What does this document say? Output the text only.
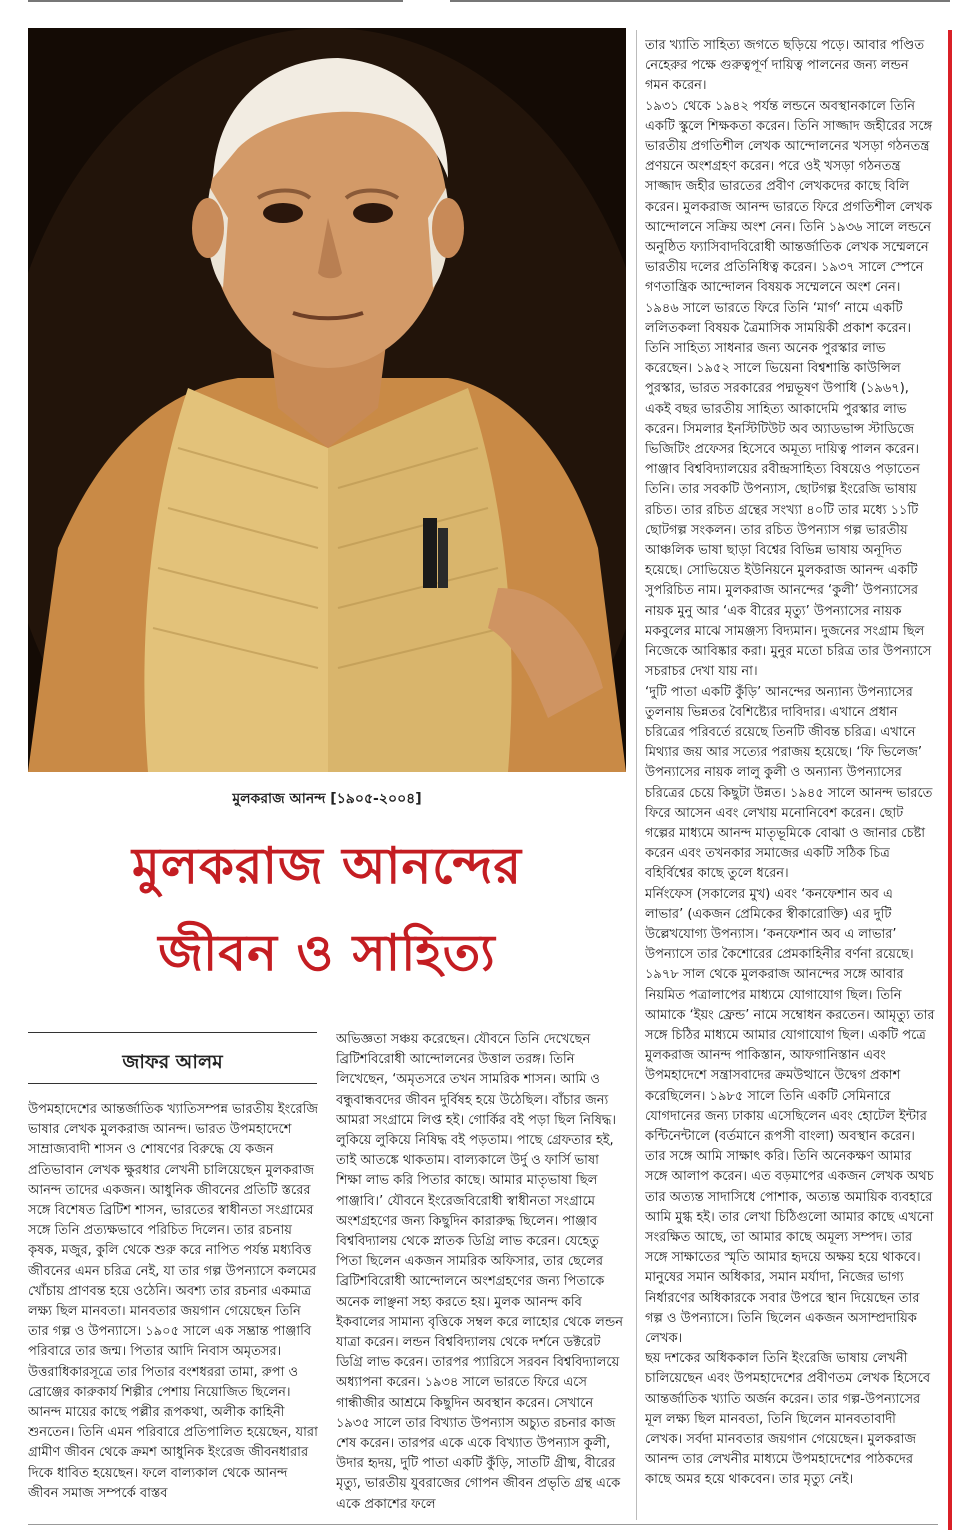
মুলকরাজ আনন্দ [১৯০৫-২০০৪]
মুলকরাজ আনন্দের
জীবন ও সাহিত্য
জাফর আলম

উপমহাদেশের আন্তর্জাতিক খ্যাতিসম্পন্ন ভারতীয় ইংরেজি ভাষার লেখক মুলকরাজ আনন্দ। ভারত উপমহাদেশে সাম্রাজ্যবাদী শাসন ও শোষণের বিরুদ্ধে যে কজন প্রতিভাবান লেখক ক্ষুরধার লেখনী চালিয়েছেন মুলকরাজ আনন্দ তাদের একজন। আধুনিক জীবনের প্রতিটি স্তরের সঙ্গে বিশেষত ব্রিটিশ শাসন, ভারতের স্বাধীনতা সংগ্রামের সঙ্গে তিনি প্রত্যক্ষভাবে পরিচিত দিলেন। তার রচনায় কৃষক, মজুর, কুলি থেকে শুরু করে নাপিত পর্যন্ত মধ্যবিত্ত জীবনের এমন চরিত্র নেই, যা তার গল্প উপন্যাসে কলমের খোঁচায় প্রাণবন্ত হয়ে ওঠেনি। অবশ্য তার রচনার একমাত্র লক্ষ্য ছিল মানবতা। মানবতার জয়গান গেয়েছেন তিনি তার গল্প ও উপন্যাসে। ১৯০৫ সালে এক সম্ভ্রান্ত পাঞ্জাবি পরিবারে তার জন্ম। পিতার আদি নিবাস অমৃতসর। উত্তরাধিকারসূত্রে তার পিতার বংশধররা তামা, রুপা ও ব্রোঞ্জের কারুকার্য শিল্পীর পেশায় নিয়োজিত ছিলেন। আনন্দ মায়ের কাছে পল্লীর রূপকথা, অলীক কাহিনী শুনতেন। তিনি এমন পরিবারে প্রতিপালিত হয়েছেন, যারা গ্রামীণ জীবন থেকে ক্রমশ আধুনিক ইংরেজ জীবনধারার দিকে ধাবিত হয়েছেন। ফলে বাল্যকাল থেকে আনন্দ জীবন সমাজ সম্পর্কে বাস্তব

অভিজ্ঞতা সঞ্চয় করেছেন। যৌবনে তিনি দেখেছেন ব্রিটিশবিরোধী আন্দোলনের উত্তাল তরঙ্গ। তিনি লিখেছেন, ‘অমৃতসরে তখন সামরিক শাসন। আমি ও বন্ধুবান্ধবদের জীবন দুর্বিষহ হয়ে উঠেছিল। বাঁচার জন্য আমরা সংগ্রামে লিপ্ত হই। গোর্কির বই পড়া ছিল নিষিদ্ধ। লুকিয়ে লুকিয়ে নিষিদ্ধ বই পড়তাম। পাছে গ্রেফতার হই, তাই আতঙ্কে থাকতাম। বাল্যকালে উর্দু ও ফার্সি ভাষা শিক্ষা লাভ করি পিতার কাছে। আমার মাতৃভাষা ছিল পাঞ্জাবি।’ যৌবনে ইংরেজবিরোধী স্বাধীনতা সংগ্রামে অংশগ্রহণের জন্য কিছুদিন কারারুদ্ধ ছিলেন। পাঞ্জাব বিশ্ববিদ্যালয় থেকে স্নাতক ডিগ্রি লাভ করেন। যেহেতু পিতা ছিলেন একজন সামরিক অফিসার, তার ছেলের ব্রিটিশবিরোধী আন্দোলনে অংশগ্রহণের জন্য পিতাকে অনেক লাঞ্ছনা সহ্য করতে হয়। মুলক আনন্দ কবি ইকবালের সামান্য বৃত্তিকে সম্বল করে লাহোর থেকে লন্ডন যাত্রা করেন। লন্ডন বিশ্ববিদ্যালয় থেকে দর্শনে ডক্টরেট ডিগ্রি লাভ করেন। তারপর প্যারিসে সরবন বিশ্ববিদ্যালয়ে অধ্যাপনা করেন। ১৯৩৪ সালে ভারতে ফিরে এসে গান্ধীজীর আশ্রমে কিছুদিন অবস্থান করেন। সেখানে ১৯৩৫ সালে তার বিখ্যাত উপন্যাস অচ্যুত রচনার কাজ শেষ করেন। তারপর একে একে বিখ্যাত উপন্যাস কুলী, উদার হৃদয়, দুটি পাতা একটি কুঁড়ি, সাতটি গ্রীষ্ম, বীরের মৃত্যু, ভারতীয় যুবরাজের গোপন জীবন প্রভৃতি গ্রন্থ একে একে প্রকাশের ফলে

তার খ্যাতি সাহিত্য জগতে ছড়িয়ে পড়ে। আবার পণ্ডিত নেহেরুর পক্ষে গুরুত্বপূর্ণ দায়িত্ব পালনের জন্য লন্ডন গমন করেন।

১৯৩১ থেকে ১৯৪২ পর্যন্ত লন্ডনে অবস্থানকালে তিনি একটি স্কুলে শিক্ষকতা করেন। তিনি সাজ্জাদ জহীরের সঙ্গে ভারতীয় প্রগতিশীল লেখক আন্দোলনের খসড়া গঠনতন্ত্র প্রণয়নে অংশগ্রহণ করেন। পরে ওই খসড়া গঠনতন্ত্র সাজ্জাদ জহীর ভারতের প্রবীণ লেখকদের কাছে বিলি করেন। মুলকরাজ আনন্দ ভারতে ফিরে প্রগতিশীল লেখক আন্দোলনে সক্রিয় অংশ নেন। তিনি ১৯৩৬ সালে লন্ডনে অনুষ্ঠিত ফ্যাসিবাদবিরোধী আন্তর্জাতিক লেখক সম্মেলনে ভারতীয় দলের প্রতিনিধিত্ব করেন। ১৯৩৭ সালে স্পেনে গণতান্ত্রিক আন্দোলন বিষয়ক সম্মেলনে অংশ নেন।

১৯৪৬ সালে ভারতে ফিরে তিনি ‘মার্গ’ নামে একটি ললিতকলা বিষয়ক ত্রৈমাসিক সাময়িকী প্রকাশ করেন। তিনি সাহিত্য সাধনার জন্য অনেক পুরস্কার লাভ করেছেন। ১৯৫২ সালে ভিয়েনা বিশ্বশান্তি কাউন্সিল পুরস্কার, ভারত সরকারের পদ্মভূষণ উপাধি (১৯৬৭), একই বছর ভারতীয় সাহিত্য আকাদেমি পুরস্কার লাভ করেন। সিমলার ইনস্টিটিউট অব অ্যাডভান্স স্টাডিজে ভিজিটিং প্রফেসর হিসেবে অমূত্য দায়িত্ব পালন করেন। পাঞ্জাব বিশ্ববিদ্যালয়ের রবীন্দ্রসাহিত্য বিষয়েও পড়াতেন তিনি। তার সবকটি উপন্যাস, ছোটগল্প ইংরেজি ভাষায় রচিত। তার রচিত গ্রন্থের সংখ্যা ৪০টি তার মধ্যে ১১টি ছোটগল্প সংকলন। তার রচিত উপন্যাস গল্প ভারতীয় আঞ্চলিক ভাষা ছাড়া বিশ্বের বিভিন্ন ভাষায় অনূদিত হয়েছে। সোভিয়েত ইউনিয়নে মুলকরাজ আনন্দ একটি সুপরিচিত নাম। মুলকরাজ আনন্দের ‘কুলী’ উপন্যাসের নায়ক মুনু আর ‘এক বীরের মৃত্যু’ উপন্যাসের নায়ক মকবুলের মাঝে সামঞ্জস্য বিদ্যমান। দুজনের সংগ্রাম ছিল নিজেকে আবিষ্কার করা। মুনুর মতো চরিত্র তার উপন্যাসে সচরাচর দেখা যায় না।

‘দুটি পাতা একটি কুঁড়ি’ আনন্দের অন্যান্য উপন্যাসের তুলনায় ভিন্নতর বৈশিষ্ট্যের দাবিদার। এখানে প্রধান চরিত্রের পরিবর্তে রয়েছে তিনটি জীবন্ত চরিত্র। এখানে মিথ্যার জয় আর সত্যের পরাজয় হয়েছে। ‘ফি ভিলেজ’ উপন্যাসের নায়ক লালু কুলী ও অন্যান্য উপন্যাসের চরিত্রের চেয়ে কিছুটা উন্নত। ১৯৪৫ সালে আনন্দ ভারতে ফিরে আসেন এবং লেখায় মনোনিবেশ করেন। ছোট গল্পের মাধ্যমে আনন্দ মাতৃভূমিকে বোঝা ও জানার চেষ্টা করেন এবং তখনকার সমাজের একটি সঠিক চিত্র বহির্বিশ্বের কাছে তুলে ধরেন।

মর্নিংফেস (সকালের মুখ) এবং ‘কনফেশান অব এ লাভার’ (একজন প্রেমিকের স্বীকারোক্তি) এর দুটি উল্লেখযোগ্য উপন্যাস। ‘কনফেশান অব এ লাভার’ উপন্যাসে তার কৈশোরের প্রেমকাহিনীর বর্ণনা রয়েছে। ১৯৭৮ সাল থেকে মুলকরাজ আনন্দের সঙ্গে আবার নিয়মিত পত্রালাপের মাধ্যমে যোগাযোগ ছিল। তিনি আমাকে ‘ইয়ং ফ্রেন্ড’ নামে সম্বোধন করতেন। আমৃত্যু তার সঙ্গে চিঠির মাধ্যমে আমার যোগাযোগ ছিল। একটি পত্রে মুলকরাজ আনন্দ পাকিস্তান, আফগানিস্তান এবং উপমহাদেশে সন্ত্রাসবাদের ক্রমউত্থানে উদ্বেগ প্রকাশ করেছিলেন। ১৯৮৫ সালে তিনি একটি সেমিনারে যোগদানের জন্য ঢাকায় এসেছিলেন এবং হোটেল ইন্টার কন্টিনেন্টালে (বর্তমানে রূপসী বাংলা) অবস্থান করেন। তার সঙ্গে আমি সাক্ষাৎ করি। তিনি অনেকক্ষণ আমার সঙ্গে আলাপ করেন। এত বড়মাপের একজন লেখক অথচ তার অত্যন্ত সাদাসিধে পোশাক, অত্যন্ত অমায়িক ব্যবহারে আমি মুগ্ধ হই। তার লেখা চিঠিগুলো আমার কাছে এখনো সংরক্ষিত আছে, তা আমার কাছে অমূল্য সম্পদ। তার সঙ্গে সাক্ষাতের স্মৃতি আমার হৃদয়ে অক্ষয় হয়ে থাকবে। মানুষের সমান অধিকার, সমান মর্যাদা, নিজের ভাগ্য নির্ধারণের অধিকারকে সবার উপরে স্থান দিয়েছেন তার গল্প ও উপন্যাসে। তিনি ছিলেন একজন অসাম্প্রদায়িক লেখক।

ছয় দশকের অধিককাল তিনি ইংরেজি ভাষায় লেখনী চালিয়েছেন এবং উপমহাদেশের প্রবীণতম লেখক হিসেবে আন্তর্জাতিক খ্যাতি অর্জন করেন। তার গল্প-উপন্যাসের মূল লক্ষ্য ছিল মানবতা, তিনি ছিলেন মানবতাবাদী লেখক। সর্বদা মানবতার জয়গান গেয়েছেন। মুলকরাজ আনন্দ তার লেখনীর মাধ্যমে উপমহাদেশের পাঠকদের কাছে অমর হয়ে থাকবেন। তার মৃত্যু নেই।
